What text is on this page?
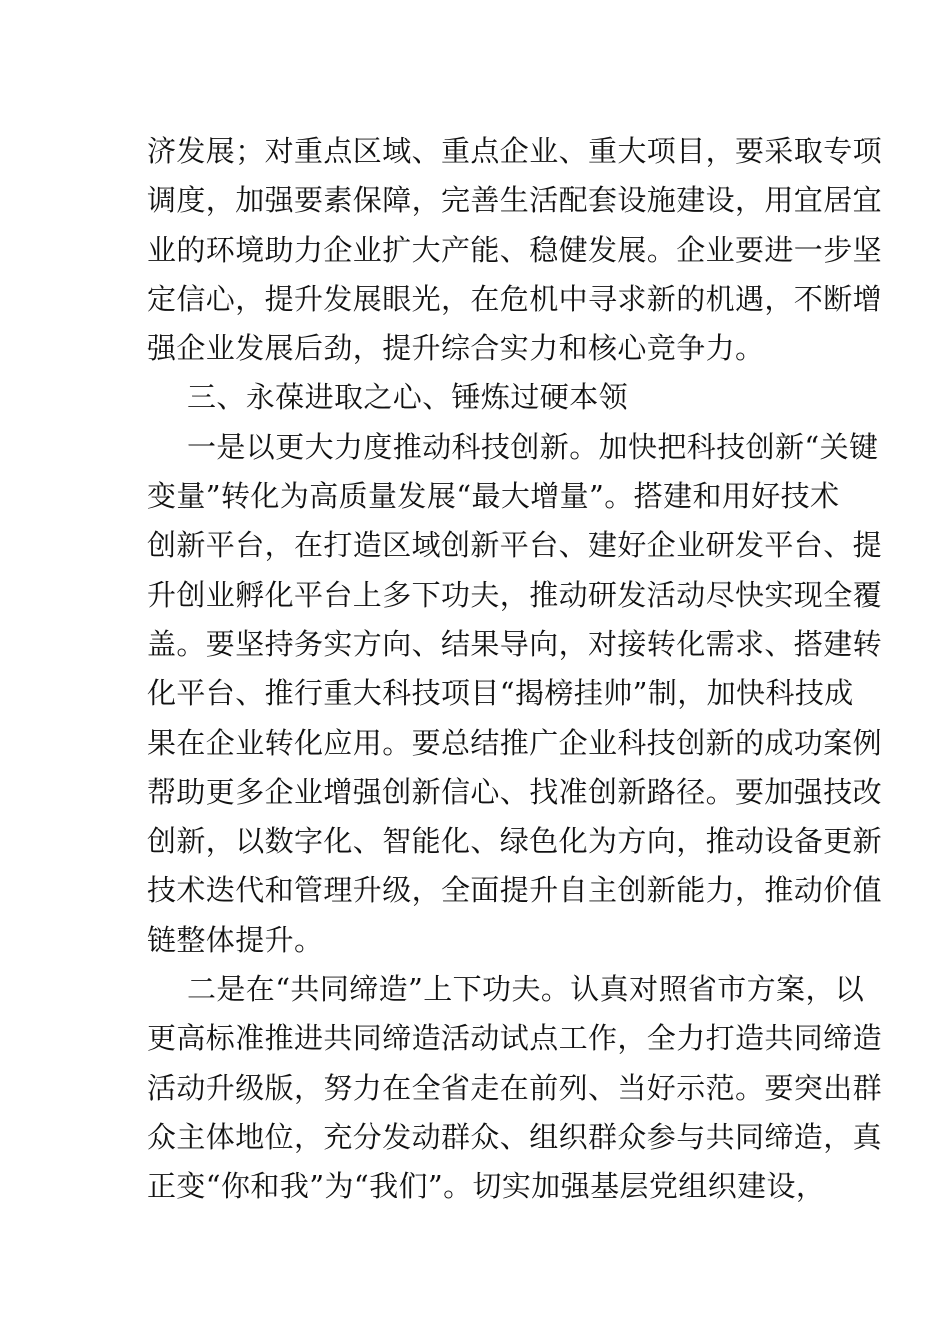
济发展；对重点区域、重点企业、重大项目，要采取专项
调度，加强要素保障，完善生活配套设施建设，用宜居宜
业的环境助力企业扩大产能、稳健发展。企业要进一步坚
定信心，提升发展眼光，在危机中寻求新的机遇，不断增
强企业发展后劲，提升综合实力和核心竞争力。
三、永葆进取之心、锤炼过硬本领
一是以更大力度推动科技创新。加快把科技创新“关键
变量”转化为高质量发展“最大增量”。搭建和用好技术
创新平台，在打造区域创新平台、建好企业研发平台、提
升创业孵化平台上多下功夫，推动研发活动尽快实现全覆
盖。要坚持务实方向、结果导向，对接转化需求、搭建转
化平台、推行重大科技项目“揭榜挂帅”制，加快科技成
果在企业转化应用。要总结推广企业科技创新的成功案例
帮助更多企业增强创新信心、找准创新路径。要加强技改
创新，以数字化、智能化、绿色化为方向，推动设备更新
技术迭代和管理升级，全面提升自主创新能力，推动价值
链整体提升。
二是在“共同缔造”上下功夫。认真对照省市方案，以
更高标准推进共同缔造活动试点工作，全力打造共同缔造
活动升级版，努力在全省走在前列、当好示范。要突出群
众主体地位，充分发动群众、组织群众参与共同缔造，真
正变“你和我”为“我们”。切实加强基层党组织建设，
